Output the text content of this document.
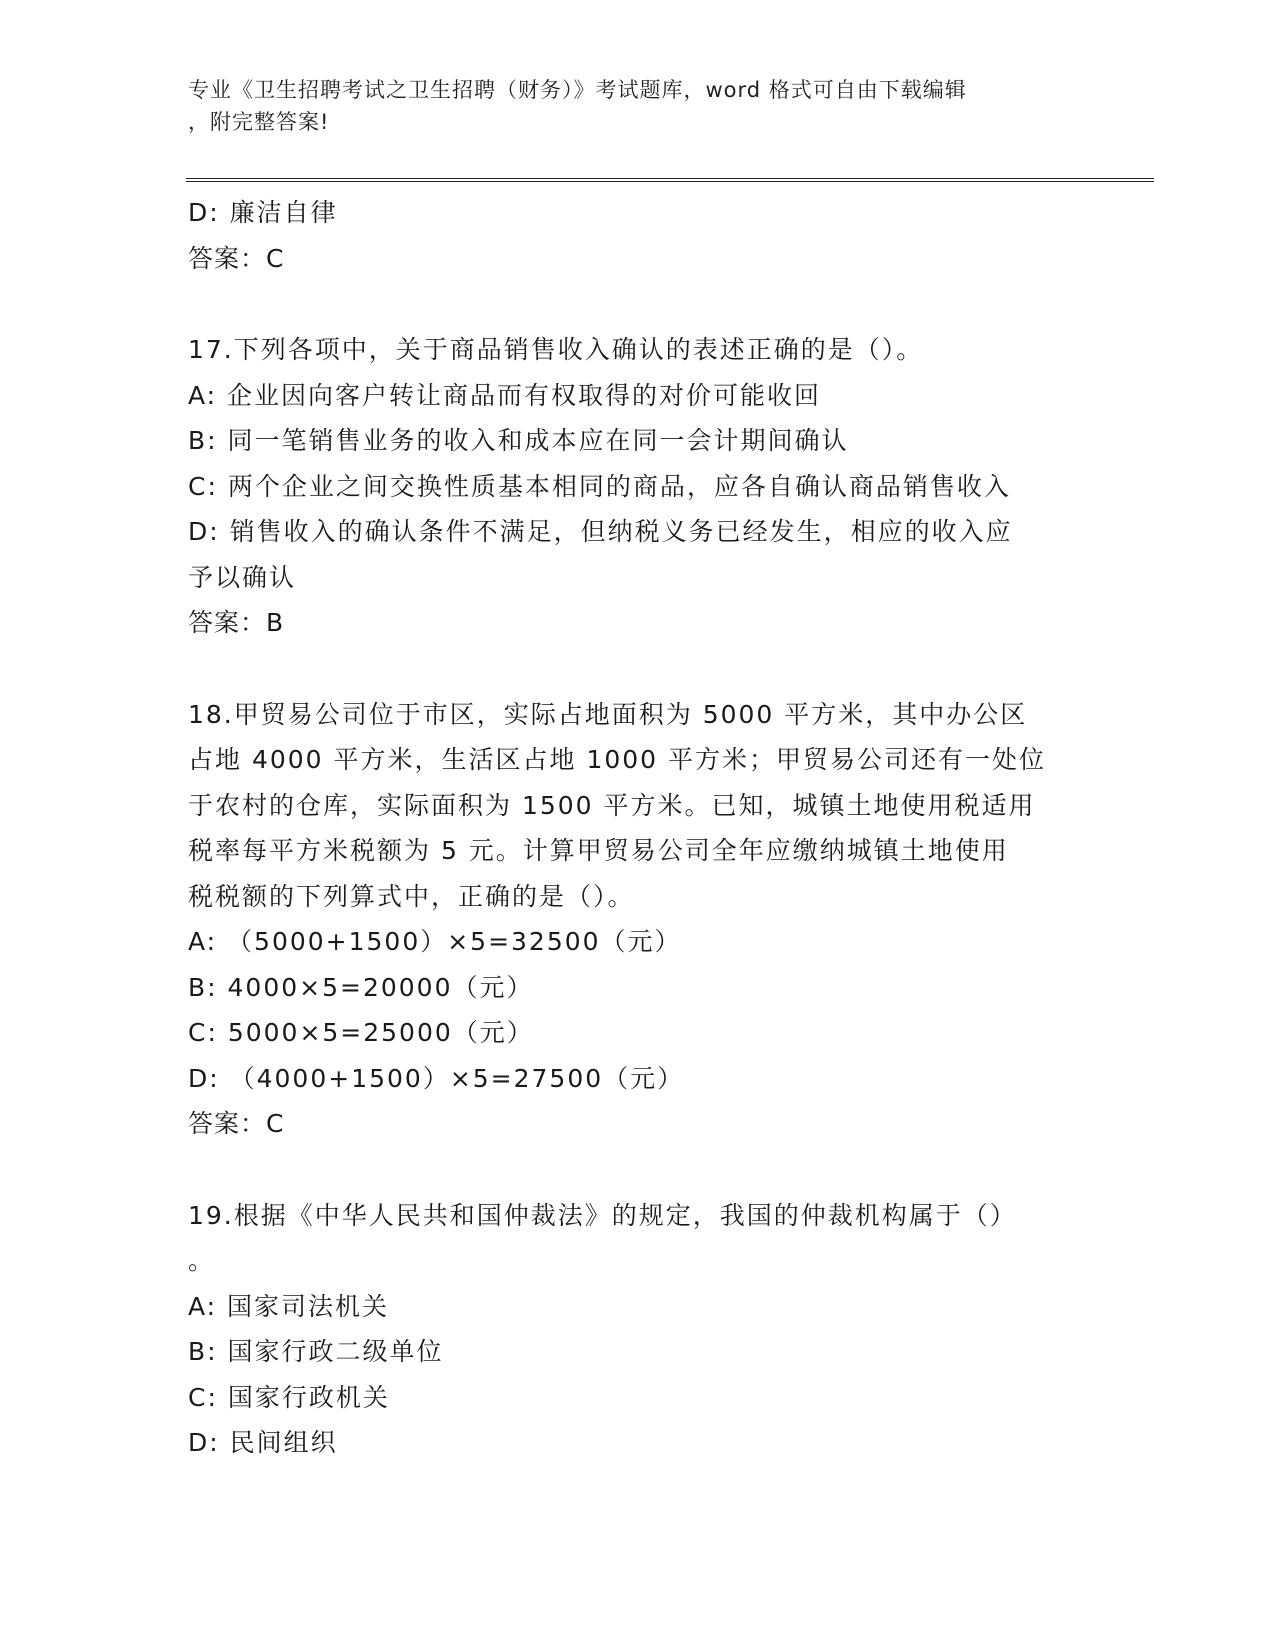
专业《卫生招聘考试之卫生招聘（财务）》考试题库，word 格式可自由下载编辑
，附完整答案!
D: 廉洁自律
答案：C
17.下列各项中，关于商品销售收入确认的表述正确的是（）。
A: 企业因向客户转让商品而有权取得的对价可能收回
B: 同一笔销售业务的收入和成本应在同一会计期间确认
C: 两个企业之间交换性质基本相同的商品，应各自确认商品销售收入
D: 销售收入的确认条件不满足，但纳税义务已经发生，相应的收入应
予以确认
答案：B
18.甲贸易公司位于市区，实际占地面积为 5000 平方米，其中办公区
占地 4000 平方米，生活区占地 1000 平方米；甲贸易公司还有一处位
于农村的仓库，实际面积为 1500 平方米。已知，城镇土地使用税适用
税率每平方米税额为 5 元。计算甲贸易公司全年应缴纳城镇土地使用
税税额的下列算式中，正确的是（）。
A: （5000+1500）×5=32500（元）
B: 4000×5=20000（元）
C: 5000×5=25000（元）
D: （4000+1500）×5=27500（元）
答案：C
19.根据《中华人民共和国仲裁法》的规定，我国的仲裁机构属于（）
。
A: 国家司法机关
B: 国家行政二级单位
C: 国家行政机关
D: 民间组织
